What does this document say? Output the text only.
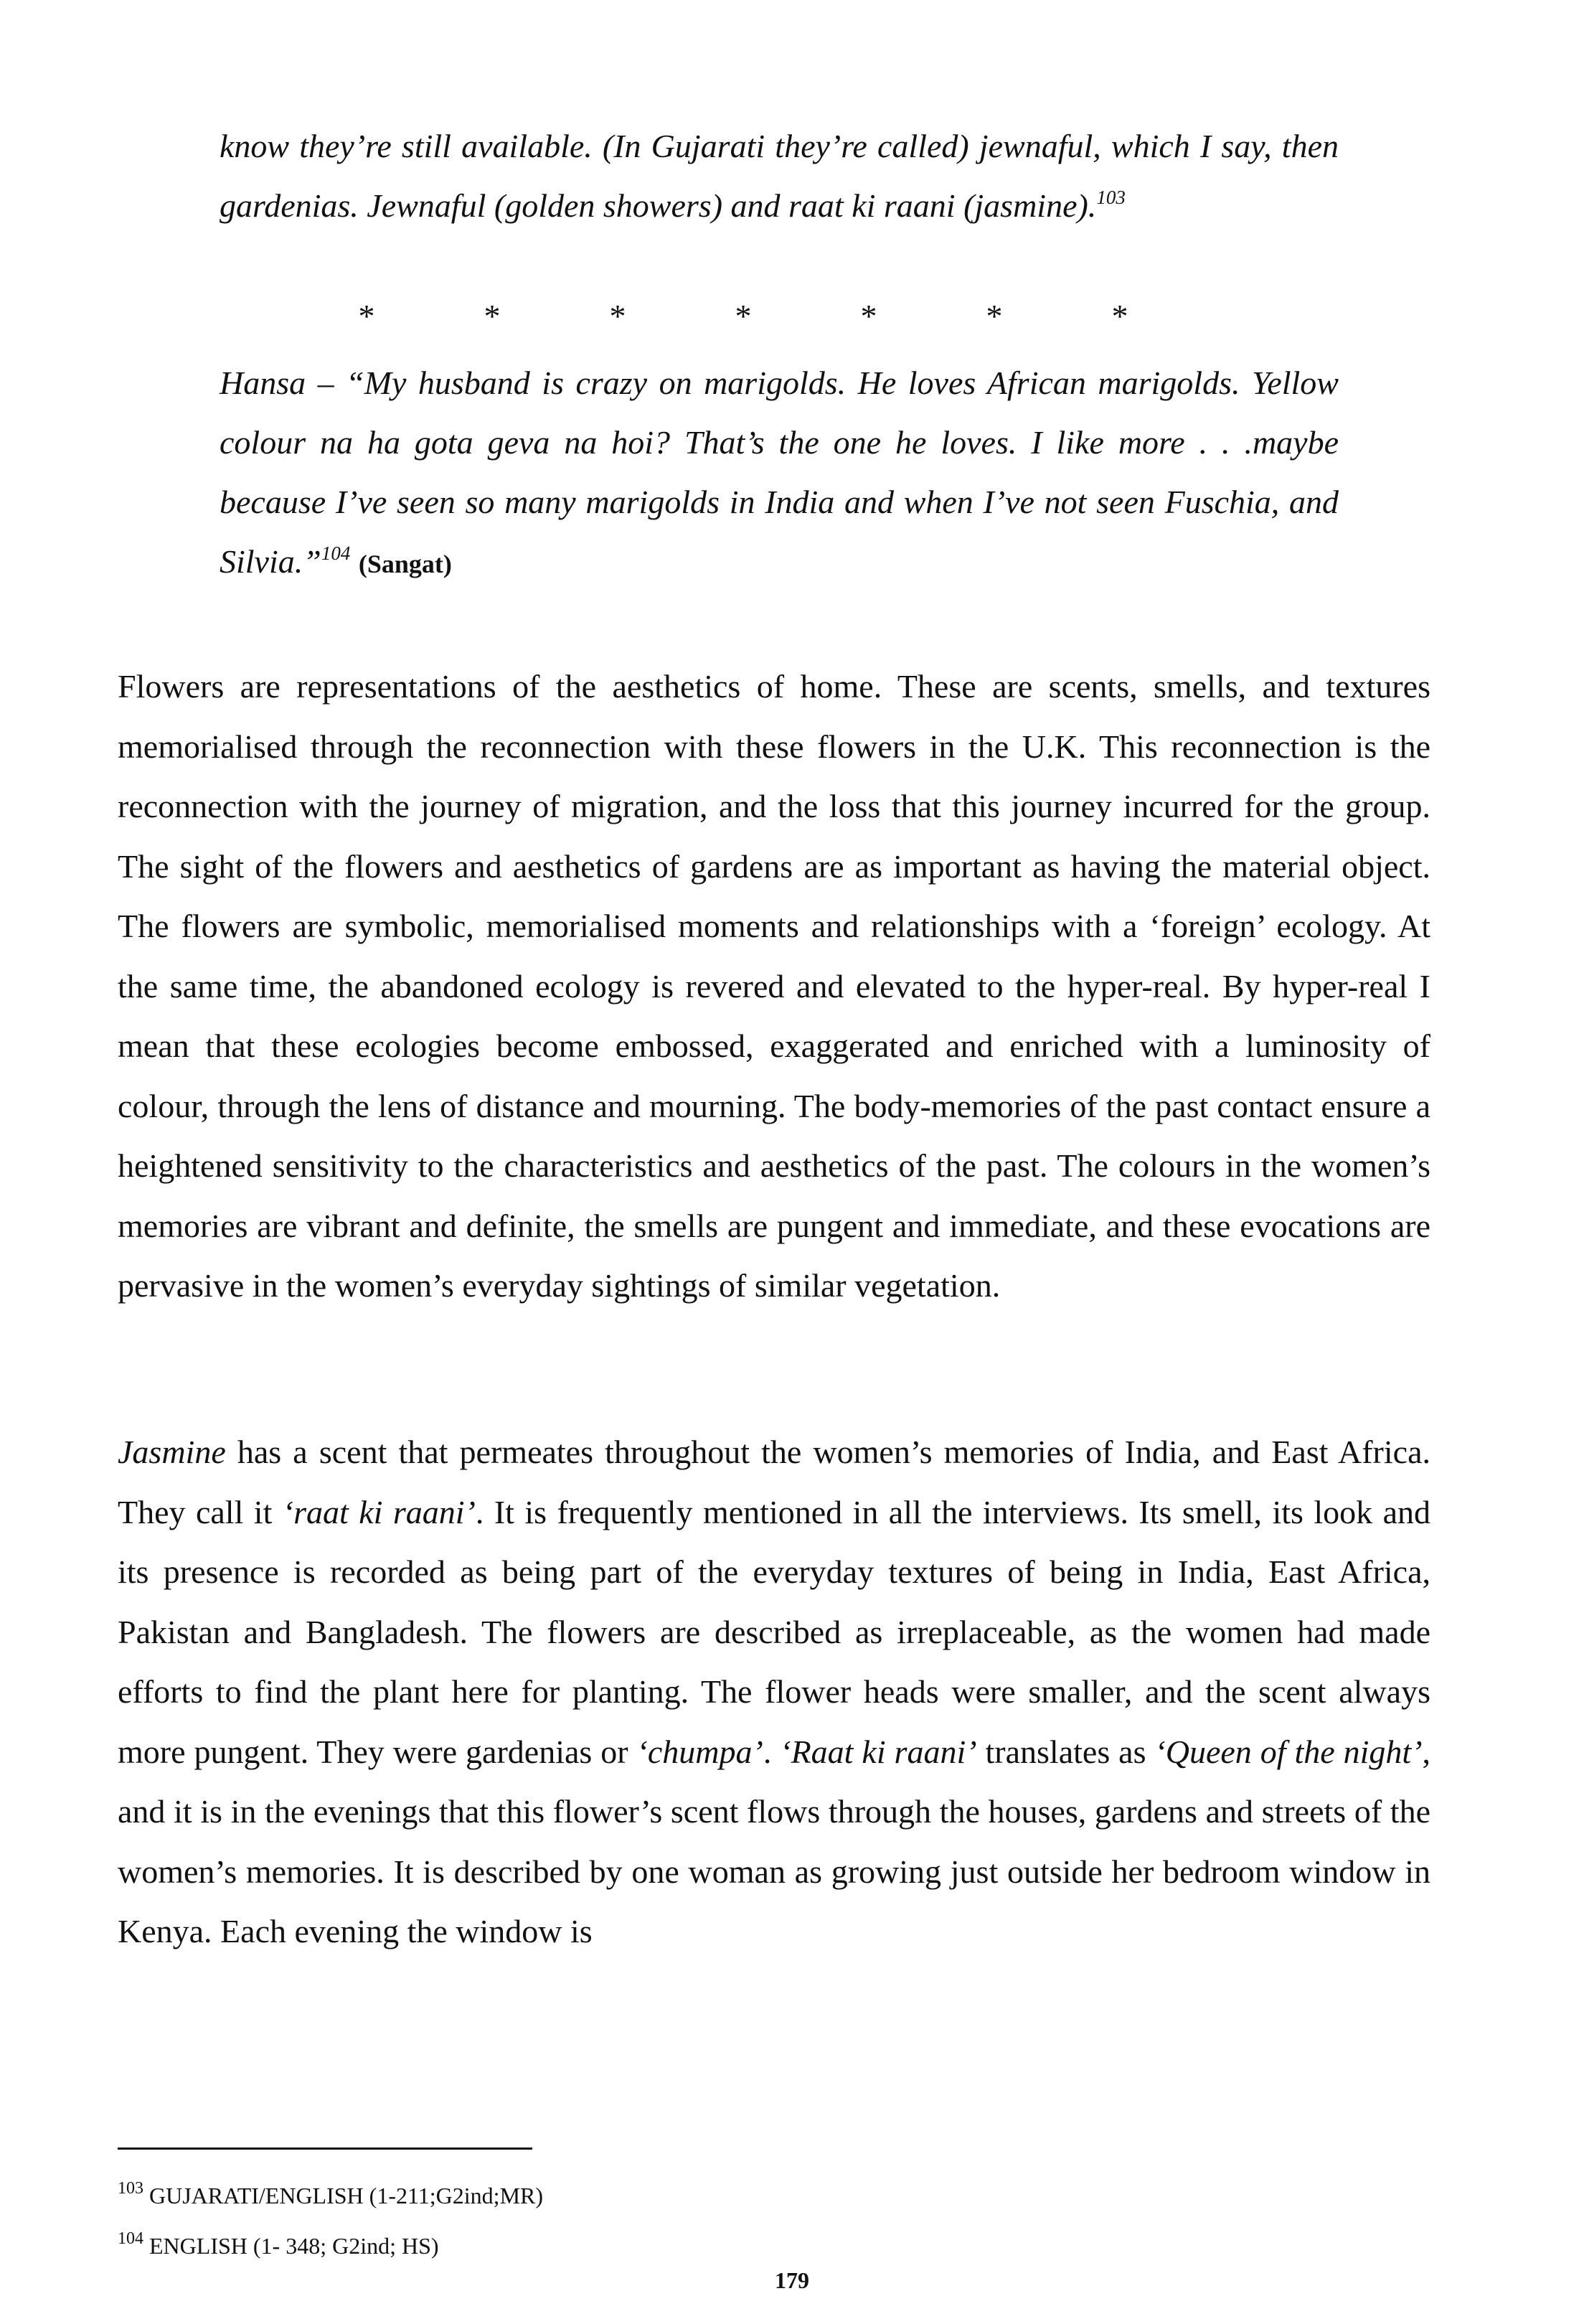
know they’re still available. (In Gujarati they’re called) jewnaful, which I say, then gardenias. Jewnaful (golden showers) and raat ki raani (jasmine).$^{103}$

*	*	*	*	*	*	*

Hansa – “My husband is crazy on marigolds. He loves African marigolds. Yellow colour na ha gota geva na hoi? That’s the one he loves. I like more . . .maybe because I’ve seen so many marigolds in India and when I’ve not seen Fuschia, and Silvia.”$^{104}$ (Sangat)

Flowers are representations of the aesthetics of home. These are scents, smells, and textures memorialised through the reconnection with these flowers in the U.K. This reconnection is the reconnection with the journey of migration, and the loss that this journey incurred for the group. The sight of the flowers and aesthetics of gardens are as important as having the material object. The flowers are symbolic, memorialised moments and relationships with a ‘foreign’ ecology. At the same time, the abandoned ecology is revered and elevated to the hyper-real. By hyper-real I mean that these ecologies become embossed, exaggerated and enriched with a luminosity of colour, through the lens of distance and mourning. The body-memories of the past contact ensure a heightened sensitivity to the characteristics and aesthetics of the past. The colours in the women’s memories are vibrant and definite, the smells are pungent and immediate, and these evocations are pervasive in the women’s everyday sightings of similar vegetation.

Jasmine has a scent that permeates throughout the women’s memories of India, and East Africa. They call it ‘raat ki raani’. It is frequently mentioned in all the interviews. Its smell, its look and its presence is recorded as being part of the everyday textures of being in India, East Africa, Pakistan and Bangladesh. The flowers are described as irreplaceable, as the women had made efforts to find the plant here for planting. The flower heads were smaller, and the scent always more pungent. They were gardenias or ‘chumpa’. ‘Raat ki raani’ translates as ‘Queen of the night’, and it is in the evenings that this flower’s scent flows through the houses, gardens and streets of the women’s memories. It is described by one woman as growing just outside her bedroom window in Kenya. Each evening the window is

$^{103}$ GUJARATI/ENGLISH (1-211;G2ind;MR)
$^{104}$ ENGLISH (1- 348; G2ind; HS)
179
